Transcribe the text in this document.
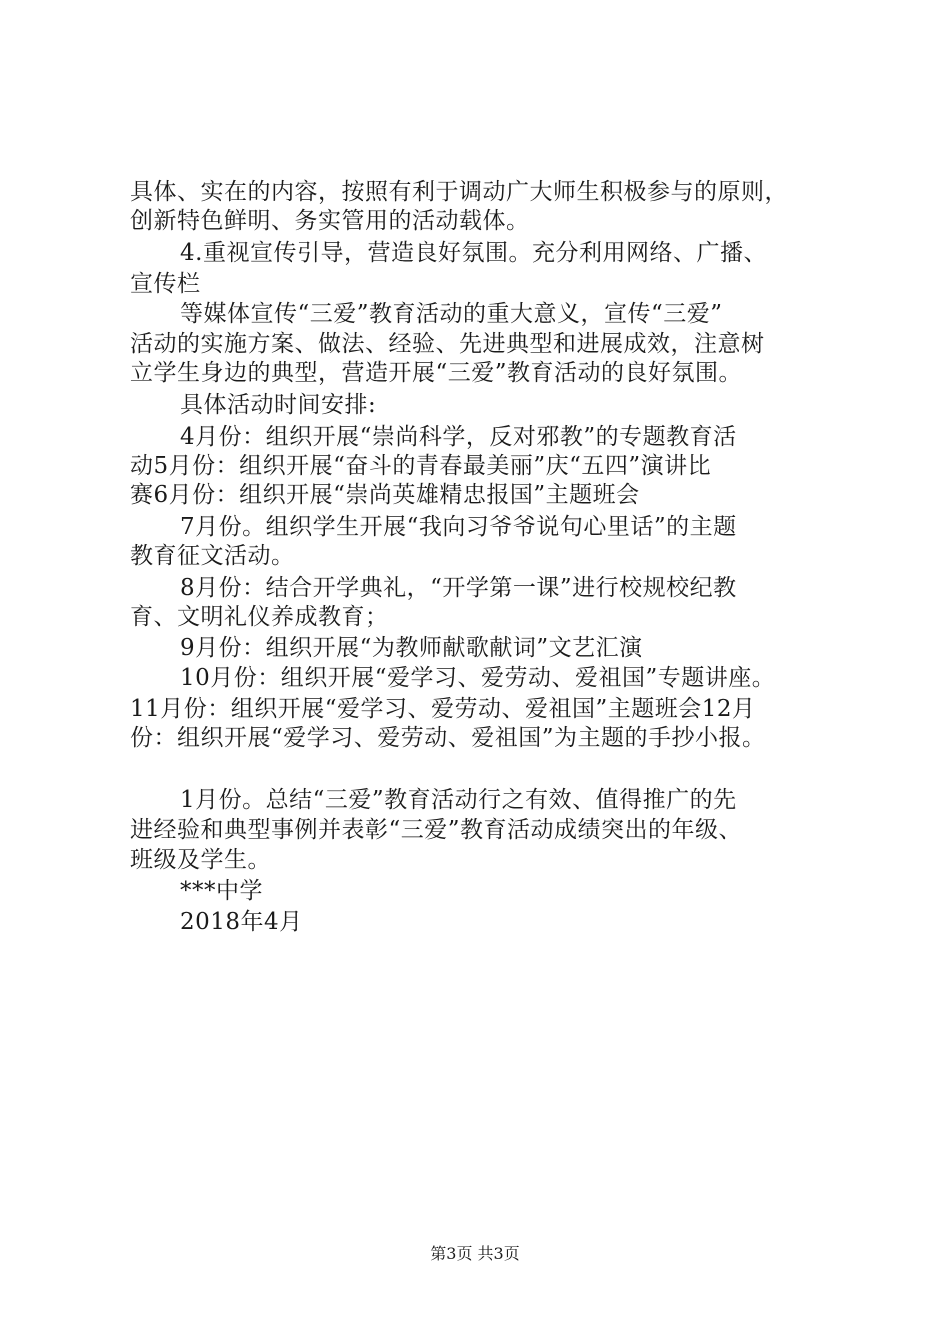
具体、实在的内容，按照有利于调动广大师生积极参与的原则，
创新特色鲜明、务实管用的活动载体。
4.重视宣传引导，营造良好氛围。充分利用网络、广播、
宣传栏
等媒体宣传“三爱”教育活动的重大意义，宣传“三爱”
活动的实施方案、做法、经验、先进典型和进展成效，注意树
立学生身边的典型，营造开展“三爱”教育活动的良好氛围。
具体活动时间安排:
4月份：组织开展“崇尚科学，反对邪教”的专题教育活
动5月份：组织开展“奋斗的青春最美丽”庆“五四”演讲比
赛6月份：组织开展“崇尚英雄精忠报国”主题班会
7月份。组织学生开展“我向习爷爷说句心里话”的主题
教育征文活动。
8月份：结合开学典礼，“开学第一课”进行校规校纪教
育、文明礼仪养成教育；
9月份：组织开展“为教师献歌献词”文艺汇演
10月份：组织开展“爱学习、爱劳动、爱祖国”专题讲座。
11月份：组织开展“爱学习、爱劳动、爱祖国”主题班会12月
份：组织开展“爱学习、爱劳动、爱祖国”为主题的手抄小报。
1月份。总结“三爱”教育活动行之有效、值得推广的先
进经验和典型事例并表彰“三爱”教育活动成绩突出的年级、
班级及学生。
***中学
2018年4月
第3页 共3页
